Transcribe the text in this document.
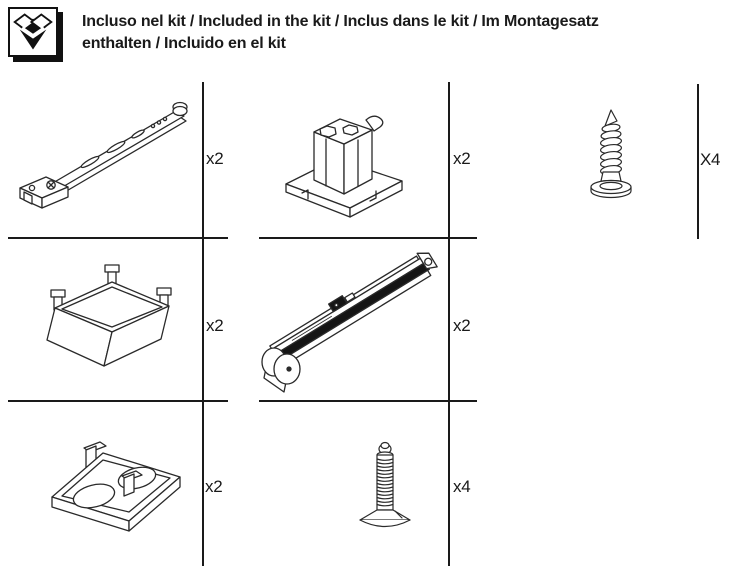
Incluso nel kit / Included in the kit / Inclus dans le kit / Im Montagesatz
enthalten / Incluido en el kit
x2	x2	X4
x2	x2
x2	x4
